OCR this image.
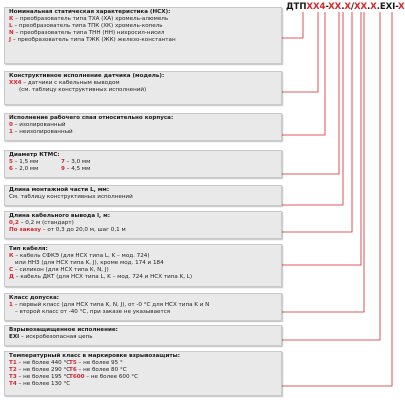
ДТПXX4-XX.X/XX.X.EXI-X
Номинальная статическая характеристика (НСХ):
K – преобразователь типа ТХА (ХА) хромель-алюмель
L – преобразователь типа ТПК (ХК) хромель-копель
N – преобразователь типа ТНН (НН) нихросил-нисил
J – преобразователь типа ТЖК (ЖК) железо-константан
Конструктивное исполнение датчика (модель):
XX4 – датчики с кабельным выводом
(см. таблицу конструктивных исполнений)
Исполнение рабочего спая относительно корпуса:
0 – изолированный
1 – неизолированный
Диаметр КТМС:
5 – 1,5 мм	7 – 3,0 мм
6 – 2,0 мм	9 – 4,5 мм
Длина монтажной части L, мм:
См. таблицу конструктивных исполнений
Длина кабельного вывода l, м:
0,2 – 0,2 м (стандарт)
По заказу – от 0,3 до 20,0 м, шаг 0,1 м
Тип кабеля:
К – кабель СФКЭ (для НСХ типа L, K – мод. 724)
или НН3 (для НСХ типа K, J), кроме мод. 174 и 184
С – силикон (для НСХ типа K, N, J)
Д – кабель ДКТ (для НСХ типа L, K – мод. 724 и НСХ типа K, L)
Класс допуска:
1 – первый класс (для НСХ типа K, N, J), от -0 °С для НСХ типа K и N
– второй класс от -40 °С, при заказе не указывается
Взрывозащищенное исполнение:
EXI – искробезопасная цепь
Температурный класс в маркировке взрывозащиты:
T1 – не более 440 °С
T5 – не более 95 °
T2 – не более 290 °С
T6 – не более 80 °С
T3 – не более 195 °С
T600 – не более 600 °С
T4 – не более 130 °С
